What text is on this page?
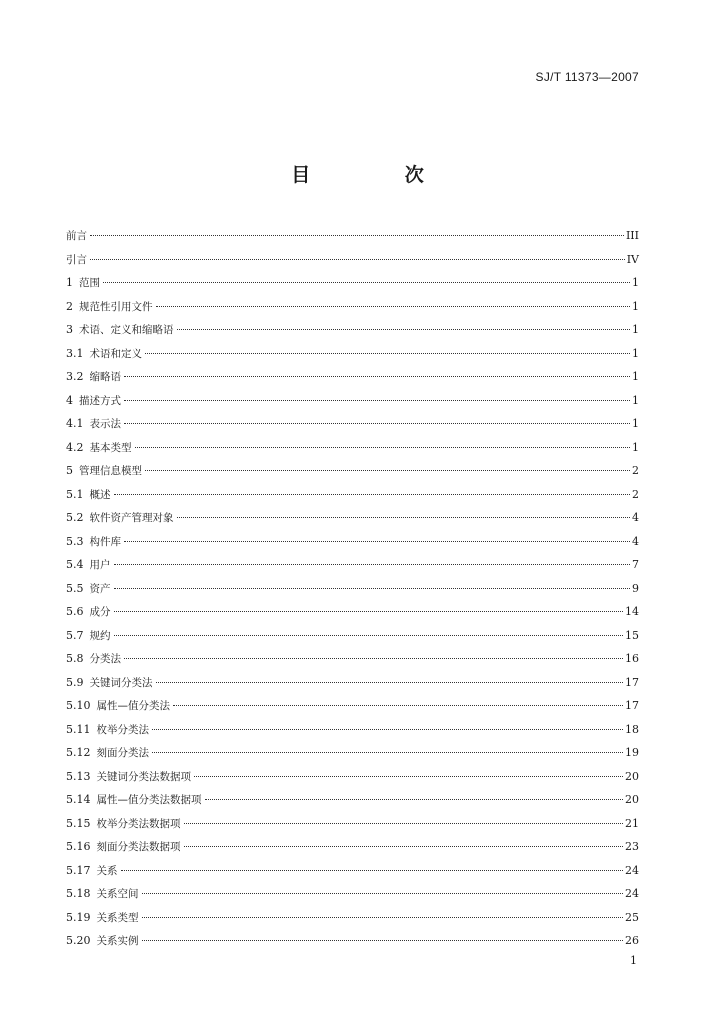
SJ/T 11373—2007
目 次
前言	III
引言	IV
1 范围	1
2 规范性引用文件	1
3 术语、定义和缩略语	1
3.1 术语和定义	1
3.2 缩略语	1
4 描述方式	1
4.1 表示法	1
4.2 基本类型	1
5 管理信息模型	2
5.1 概述	2
5.2 软件资产管理对象	4
5.3 构件库	4
5.4 用户	7
5.5 资产	9
5.6 成分	14
5.7 规约	15
5.8 分类法	16
5.9 关键词分类法	17
5.10 属性—值分类法	17
5.11 枚举分类法	18
5.12 刻面分类法	19
5.13 关键词分类法数据项	20
5.14 属性—值分类法数据项	20
5.15 枚举分类法数据项	21
5.16 刻面分类法数据项	23
5.17 关系	24
5.18 关系空间	24
5.19 关系类型	25
5.20 关系实例	26
1
